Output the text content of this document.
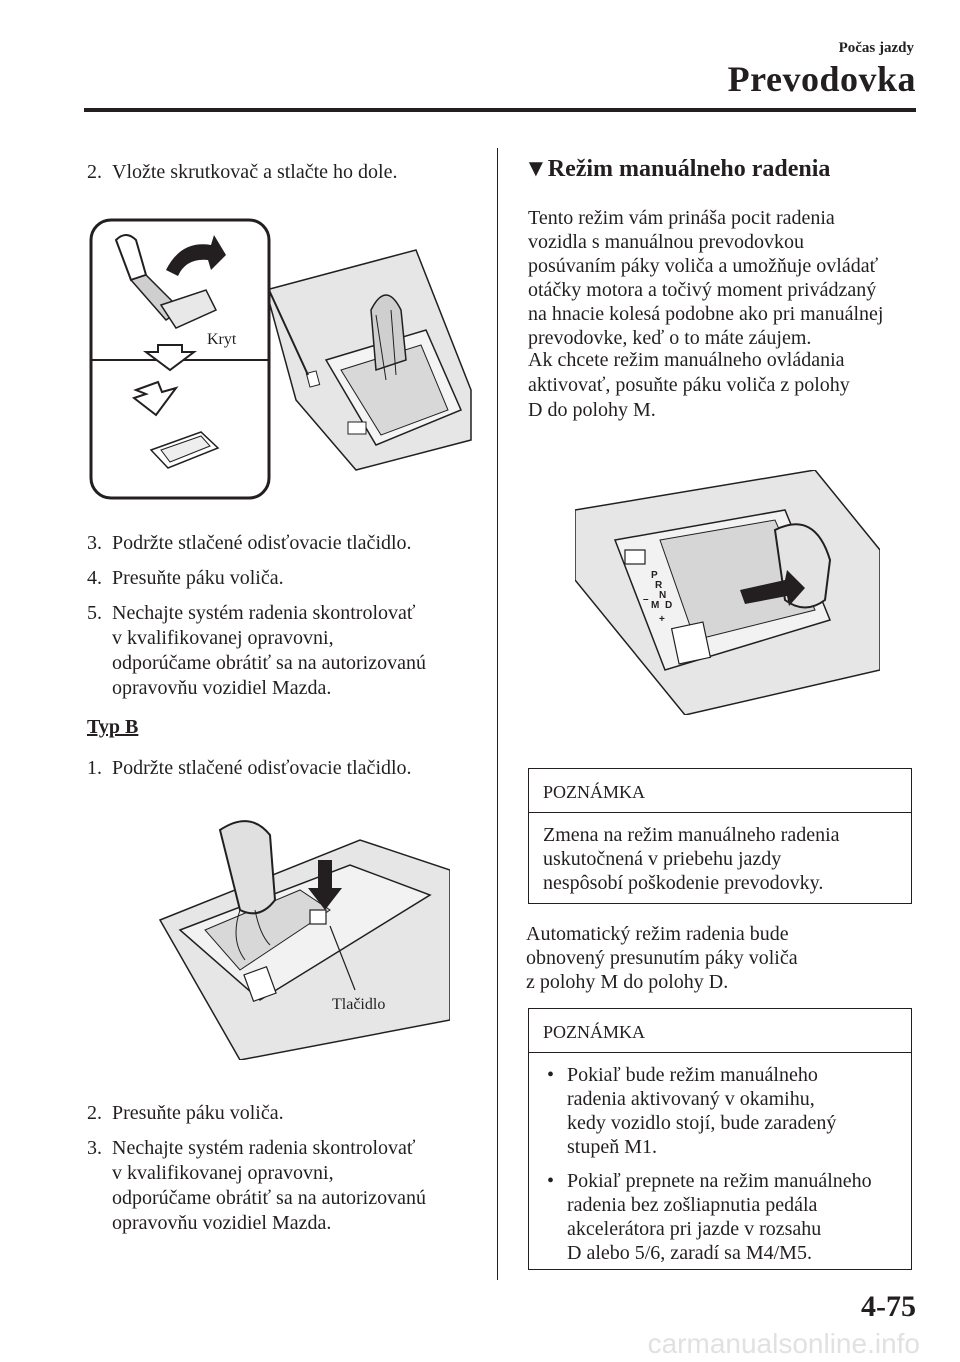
Počas jazdy
Prevodovka
2. Vložte skrutkovač a stlačte ho dole.
Kryt
3. Podržte stlačené odisťovacie tlačidlo.
4. Presuňte páku voliča.
5. Nechajte systém radenia skontrolovať
v kvalifikovanej opravovni,
odporúčame obrátiť sa na autorizovanú
opravovňu vozidiel Mazda.
Typ B
1. Podržte stlačené odisťovacie tlačidlo.
Tlačidlo
2. Presuňte páku voliča.
3. Nechajte systém radenia skontrolovať
v kvalifikovanej opravovni,
odporúčame obrátiť sa na autorizovanú
opravovňu vozidiel Mazda.
▼Režim manuálneho radenia
Tento režim vám prináša pocit radenia
vozidla s manuálnou prevodovkou
posúvaním páky voliča a umožňuje ovládať
otáčky motora a točivý moment privádzaný
na hnacie kolesá podobne ako pri manuálnej
prevodovke, keď o to máte záujem.
Ak chcete režim manuálneho ovládania
aktivovať, posuňte páku voliča z polohy
D do polohy M.
P
R
N
–
M D
+
POZNÁMKA
Zmena na režim manuálneho radenia
uskutočnená v priebehu jazdy
nespôsobí poškodenie prevodovky.
Automatický režim radenia bude
obnovený presunutím páky voliča
z polohy M do polohy D.
POZNÁMKA
• Pokiaľ bude režim manuálneho
radenia aktivovaný v okamihu,
kedy vozidlo stojí, bude zaradený
stupeň M1.
• Pokiaľ prepnete na režim manuálneho
radenia bez zošliapnutia pedála
akcelerátora pri jazde v rozsahu
D alebo 5/6, zaradí sa M4/M5.
4-75
carmanualsonline.info
